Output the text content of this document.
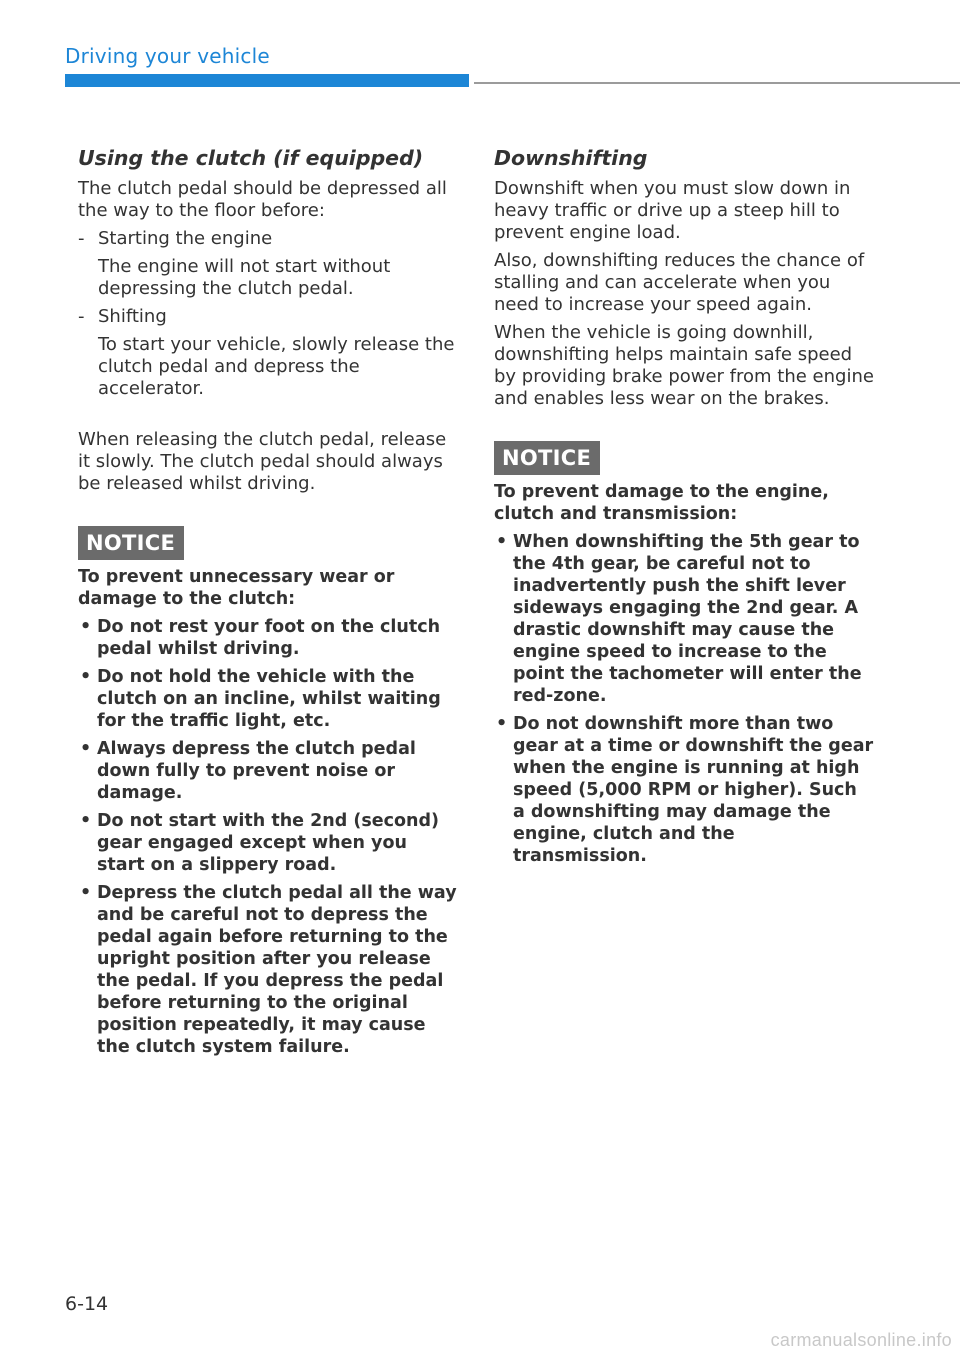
Driving your vehicle
Using the clutch (if equipped)

The clutch pedal should be depressed all the way to the floor before:

- Starting the engine
The engine will not start without depressing the clutch pedal.
- Shifting
To start your vehicle, slowly release the clutch pedal and depress the accelerator.

When releasing the clutch pedal, release it slowly. The clutch pedal should always be released whilst driving.

NOTICE
To prevent unnecessary wear or damage to the clutch:
• Do not rest your foot on the clutch pedal whilst driving.
• Do not hold the vehicle with the clutch on an incline, whilst waiting for the traffic light, etc.
• Always depress the clutch pedal down fully to prevent noise or damage.
• Do not start with the 2nd (second) gear engaged except when you start on a slippery road.
• Depress the clutch pedal all the way and be careful not to depress the pedal again before returning to the upright position after you release the pedal. If you depress the pedal before returning to the original position repeatedly, it may cause the clutch system failure.
Downshifting

Downshift when you must slow down in heavy traffic or drive up a steep hill to prevent engine load.

Also, downshifting reduces the chance of stalling and can accelerate when you need to increase your speed again.

When the vehicle is going downhill, downshifting helps maintain safe speed by providing brake power from the engine and enables less wear on the brakes.

NOTICE
To prevent damage to the engine, clutch and transmission:
• When downshifting the 5th gear to the 4th gear, be careful not to inadvertently push the shift lever sideways engaging the 2nd gear. A drastic downshift may cause the engine speed to increase to the point the tachometer will enter the red-zone.
• Do not downshift more than two gear at a time or downshift the gear when the engine is running at high speed (5,000 RPM or higher). Such a downshifting may damage the engine, clutch and the transmission.
6-14
carmanualsonline.info
